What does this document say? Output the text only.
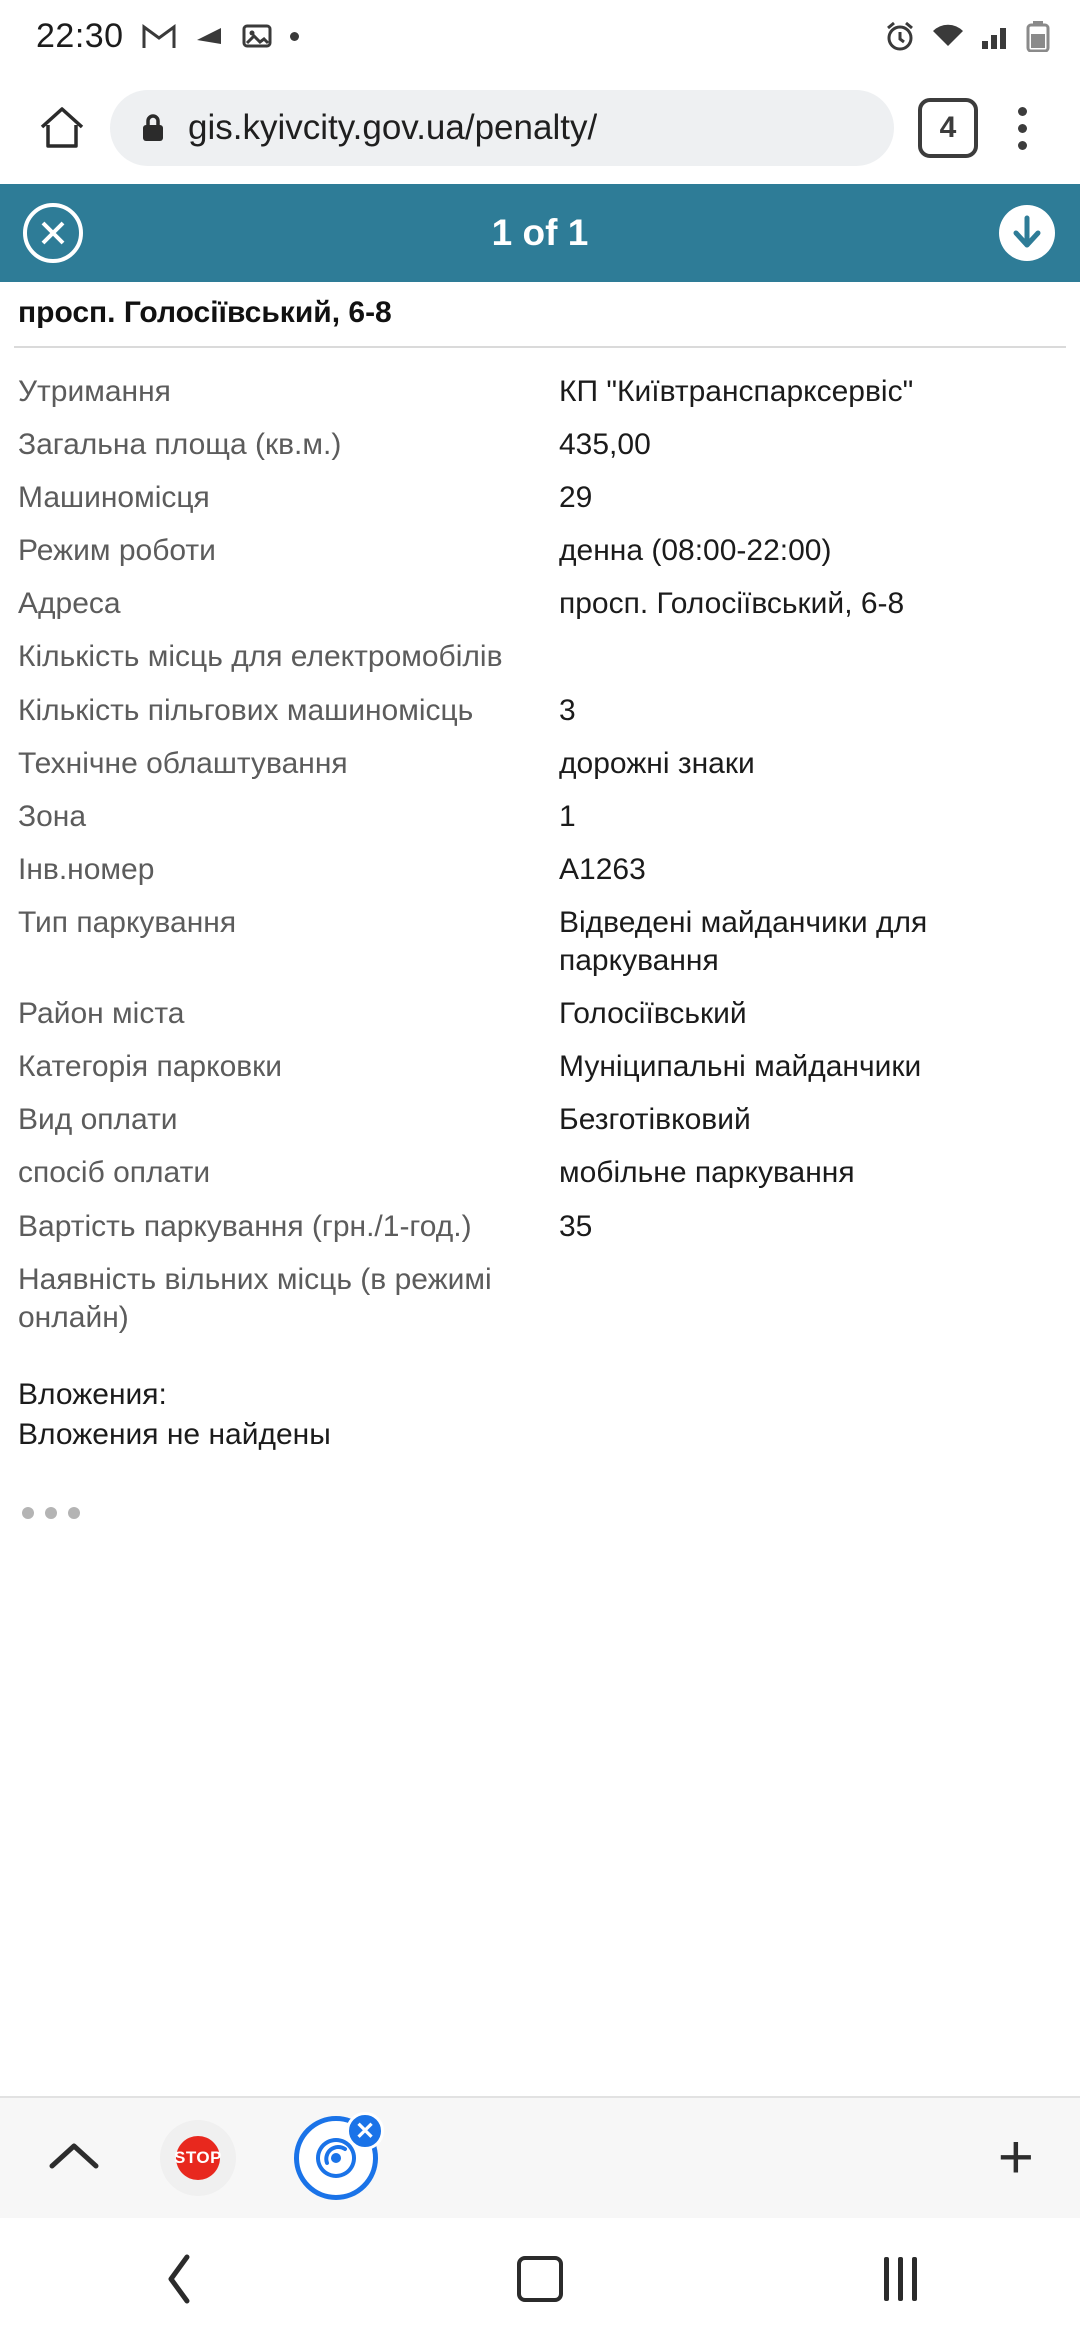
22:30
gis.kyivcity.gov.ua/penalty/	4
1 of 1
просп. Голосіївський, 6-8
Утримання	КП "Київтранспарксервіс"
Загальна площа (кв.м.)	435,00
Машиномісця	29
Режим роботи	денна (08:00-22:00)
Адреса	просп. Голосіївський, 6-8
Кількість місць для електромобілів
Кількість пільгових машиномісць	3
Технічне облаштування	дорожні знаки
Зона	1
Інв.номер	А1263
Тип паркування	Відведені майданчики для паркування
Район міста	Голосіївський
Категорія парковки	Муніципальні майданчики
Вид оплати	Безготівковий
спосіб оплати	мобільне паркування
Вартість паркування (грн./1-год.)	35
Наявність вільних місць (в режимі онлайн)
Вложения:
Вложения не найдены
STOP
✕	+
